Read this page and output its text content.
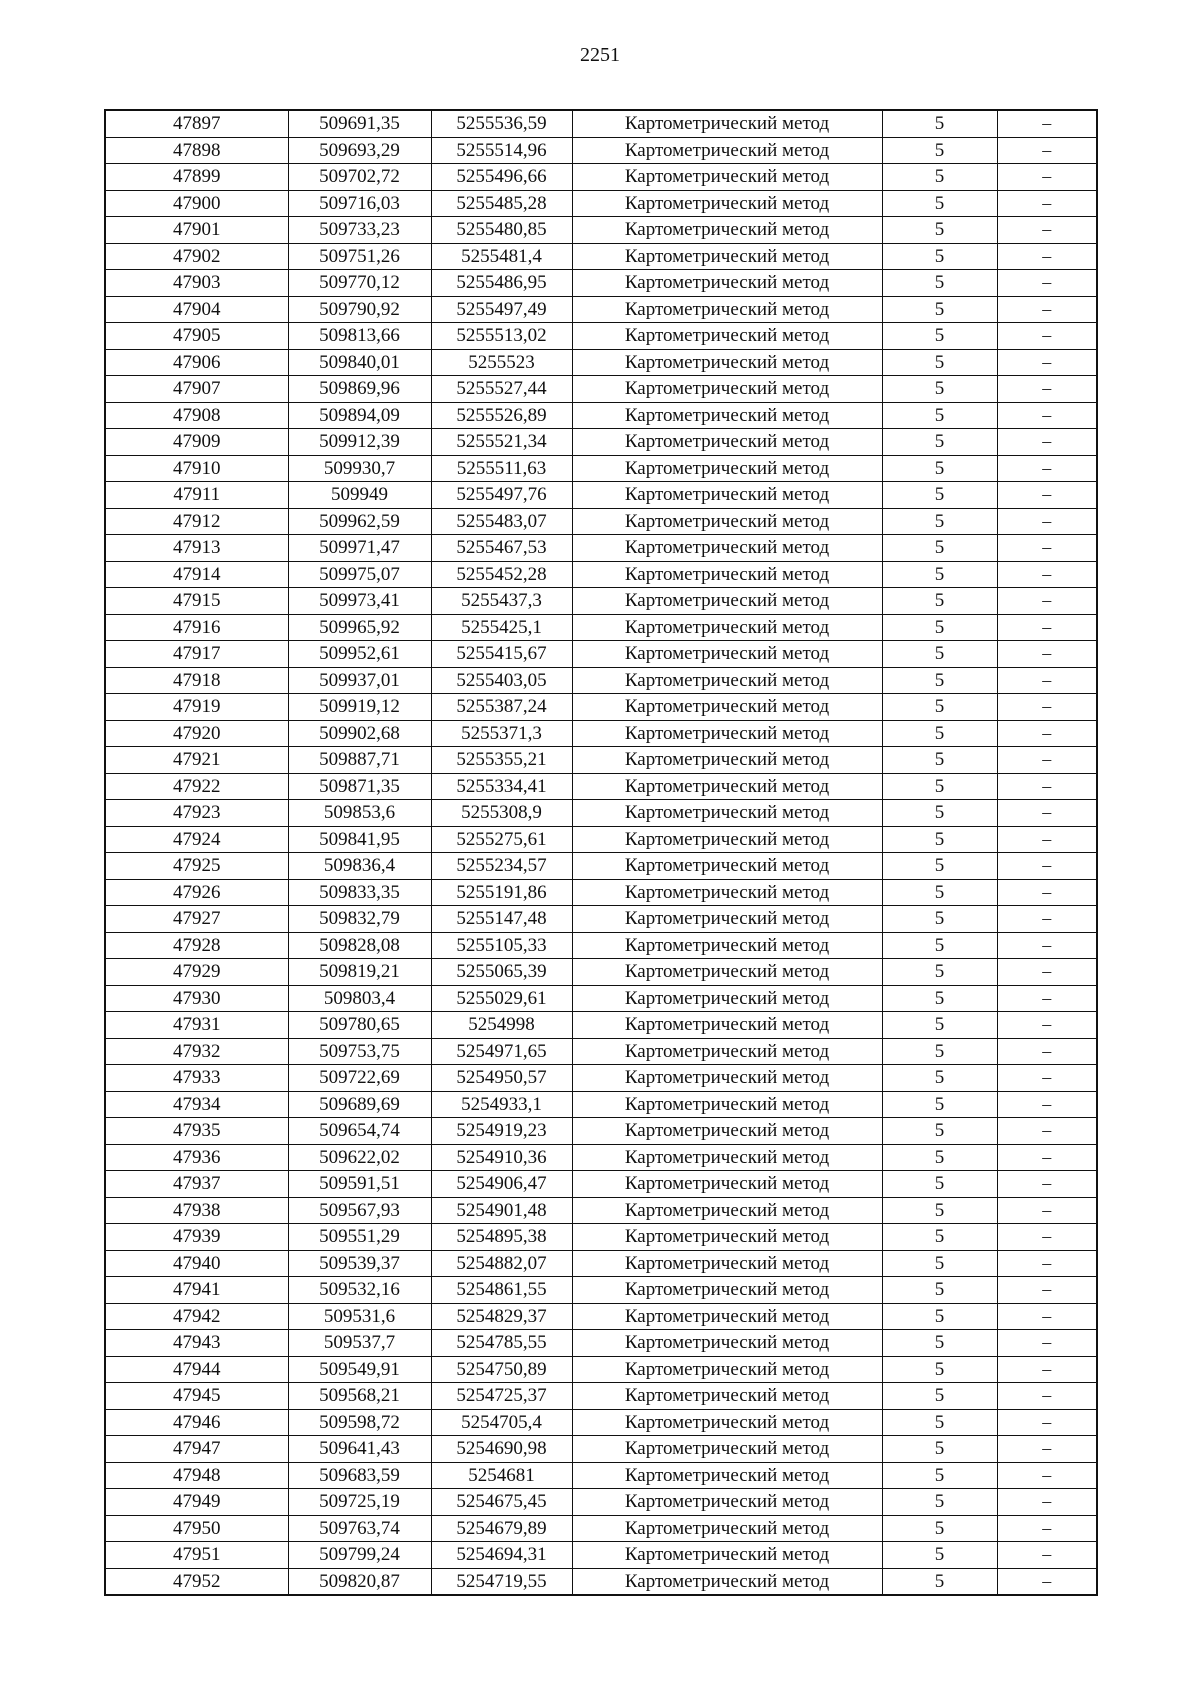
2251
47897	509691,35	5255536,59	Картометрический метод	5	–
47898	509693,29	5255514,96	Картометрический метод	5	–
47899	509702,72	5255496,66	Картометрический метод	5	–
47900	509716,03	5255485,28	Картометрический метод	5	–
47901	509733,23	5255480,85	Картометрический метод	5	–
47902	509751,26	5255481,4	Картометрический метод	5	–
47903	509770,12	5255486,95	Картометрический метод	5	–
47904	509790,92	5255497,49	Картометрический метод	5	–
47905	509813,66	5255513,02	Картометрический метод	5	–
47906	509840,01	5255523	Картометрический метод	5	–
47907	509869,96	5255527,44	Картометрический метод	5	–
47908	509894,09	5255526,89	Картометрический метод	5	–
47909	509912,39	5255521,34	Картометрический метод	5	–
47910	509930,7	5255511,63	Картометрический метод	5	–
47911	509949	5255497,76	Картометрический метод	5	–
47912	509962,59	5255483,07	Картометрический метод	5	–
47913	509971,47	5255467,53	Картометрический метод	5	–
47914	509975,07	5255452,28	Картометрический метод	5	–
47915	509973,41	5255437,3	Картометрический метод	5	–
47916	509965,92	5255425,1	Картометрический метод	5	–
47917	509952,61	5255415,67	Картометрический метод	5	–
47918	509937,01	5255403,05	Картометрический метод	5	–
47919	509919,12	5255387,24	Картометрический метод	5	–
47920	509902,68	5255371,3	Картометрический метод	5	–
47921	509887,71	5255355,21	Картометрический метод	5	–
47922	509871,35	5255334,41	Картометрический метод	5	–
47923	509853,6	5255308,9	Картометрический метод	5	–
47924	509841,95	5255275,61	Картометрический метод	5	–
47925	509836,4	5255234,57	Картометрический метод	5	–
47926	509833,35	5255191,86	Картометрический метод	5	–
47927	509832,79	5255147,48	Картометрический метод	5	–
47928	509828,08	5255105,33	Картометрический метод	5	–
47929	509819,21	5255065,39	Картометрический метод	5	–
47930	509803,4	5255029,61	Картометрический метод	5	–
47931	509780,65	5254998	Картометрический метод	5	–
47932	509753,75	5254971,65	Картометрический метод	5	–
47933	509722,69	5254950,57	Картометрический метод	5	–
47934	509689,69	5254933,1	Картометрический метод	5	–
47935	509654,74	5254919,23	Картометрический метод	5	–
47936	509622,02	5254910,36	Картометрический метод	5	–
47937	509591,51	5254906,47	Картометрический метод	5	–
47938	509567,93	5254901,48	Картометрический метод	5	–
47939	509551,29	5254895,38	Картометрический метод	5	–
47940	509539,37	5254882,07	Картометрический метод	5	–
47941	509532,16	5254861,55	Картометрический метод	5	–
47942	509531,6	5254829,37	Картометрический метод	5	–
47943	509537,7	5254785,55	Картометрический метод	5	–
47944	509549,91	5254750,89	Картометрический метод	5	–
47945	509568,21	5254725,37	Картометрический метод	5	–
47946	509598,72	5254705,4	Картометрический метод	5	–
47947	509641,43	5254690,98	Картометрический метод	5	–
47948	509683,59	5254681	Картометрический метод	5	–
47949	509725,19	5254675,45	Картометрический метод	5	–
47950	509763,74	5254679,89	Картометрический метод	5	–
47951	509799,24	5254694,31	Картометрический метод	5	–
47952	509820,87	5254719,55	Картометрический метод	5	–
